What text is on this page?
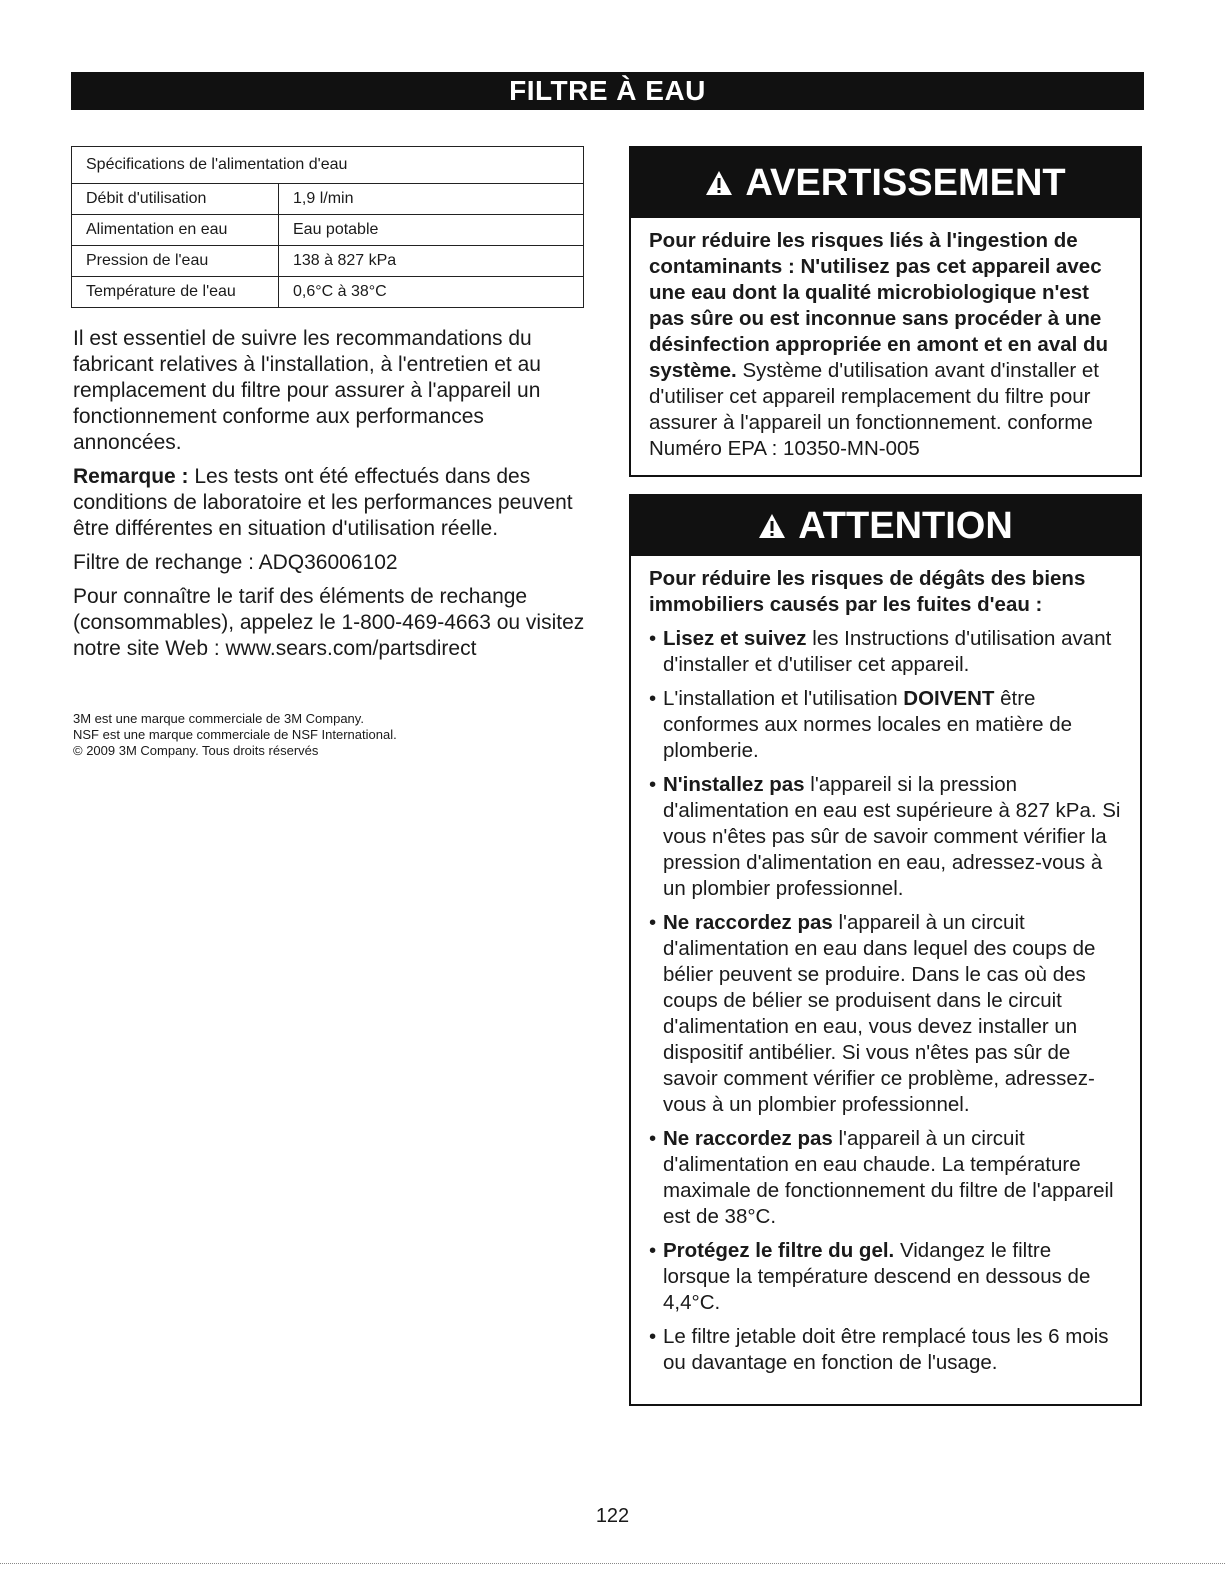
FILTRE À EAU
Spécifications de l'alimentation d'eau	
Débit d'utilisation	1,9 l/min
Alimentation en eau	Eau potable
Pression de l'eau	138 à 827 kPa
Température de l'eau	0,6°C à 38°C

Il est essentiel de suivre les recommandations du fabricant relatives à l'installation, à l'entretien et au remplacement du filtre pour assurer à l'appareil un fonctionnement conforme aux performances annoncées.

Remarque : Les tests ont été effectués dans des conditions de laboratoire et les performances peuvent être différentes en situation d'utilisation réelle.

Filtre de rechange : ADQ36006102

Pour connaître le tarif des éléments de rechange (consommables), appelez le 1-800-469-4663 ou visitez notre site Web : www.sears.com/partsdirect

3M est une marque commerciale de 3M Company.
NSF est une marque commerciale de NSF International.
© 2009 3M Company. Tous droits réservés
AVERTISSEMENT

Pour réduire les risques liés à l'ingestion de contaminants : N'utilisez pas cet appareil avec une eau dont la qualité microbiologique n'est pas sûre ou est inconnue sans procéder à une désinfection appropriée en amont et en aval du système. Système d'utilisation avant d'installer et d'utiliser cet appareil remplacement du filtre pour assurer à l'appareil un fonctionnement. conforme Numéro EPA : 10350-MN-005

ATTENTION

Pour réduire les risques de dégâts des biens immobiliers causés par les fuites d'eau :

• Lisez et suivez les Instructions d'utilisation avant d'installer et d'utiliser cet appareil.
• L'installation et l'utilisation DOIVENT être conformes aux normes locales en matière de plomberie.
• N'installez pas l'appareil si la pression d'alimentation en eau est supérieure à 827 kPa. Si vous n'êtes pas sûr de savoir comment vérifier la pression d'alimentation en eau, adressez-vous à un plombier professionnel.
• Ne raccordez pas l'appareil à un circuit d'alimentation en eau dans lequel des coups de bélier peuvent se produire. Dans le cas où des coups de bélier se produisent dans le circuit d'alimentation en eau, vous devez installer un dispositif antibélier. Si vous n'êtes pas sûr de savoir comment vérifier ce problème, adressez-vous à un plombier professionnel.
• Ne raccordez pas l'appareil à un circuit d'alimentation en eau chaude. La température maximale de fonctionnement du filtre de l'appareil est de 38°C.
• Protégez le filtre du gel. Vidangez le filtre lorsque la température descend en dessous de 4,4°C.
• Le filtre jetable doit être remplacé tous les 6 mois ou davantage en fonction de l'usage.
122
